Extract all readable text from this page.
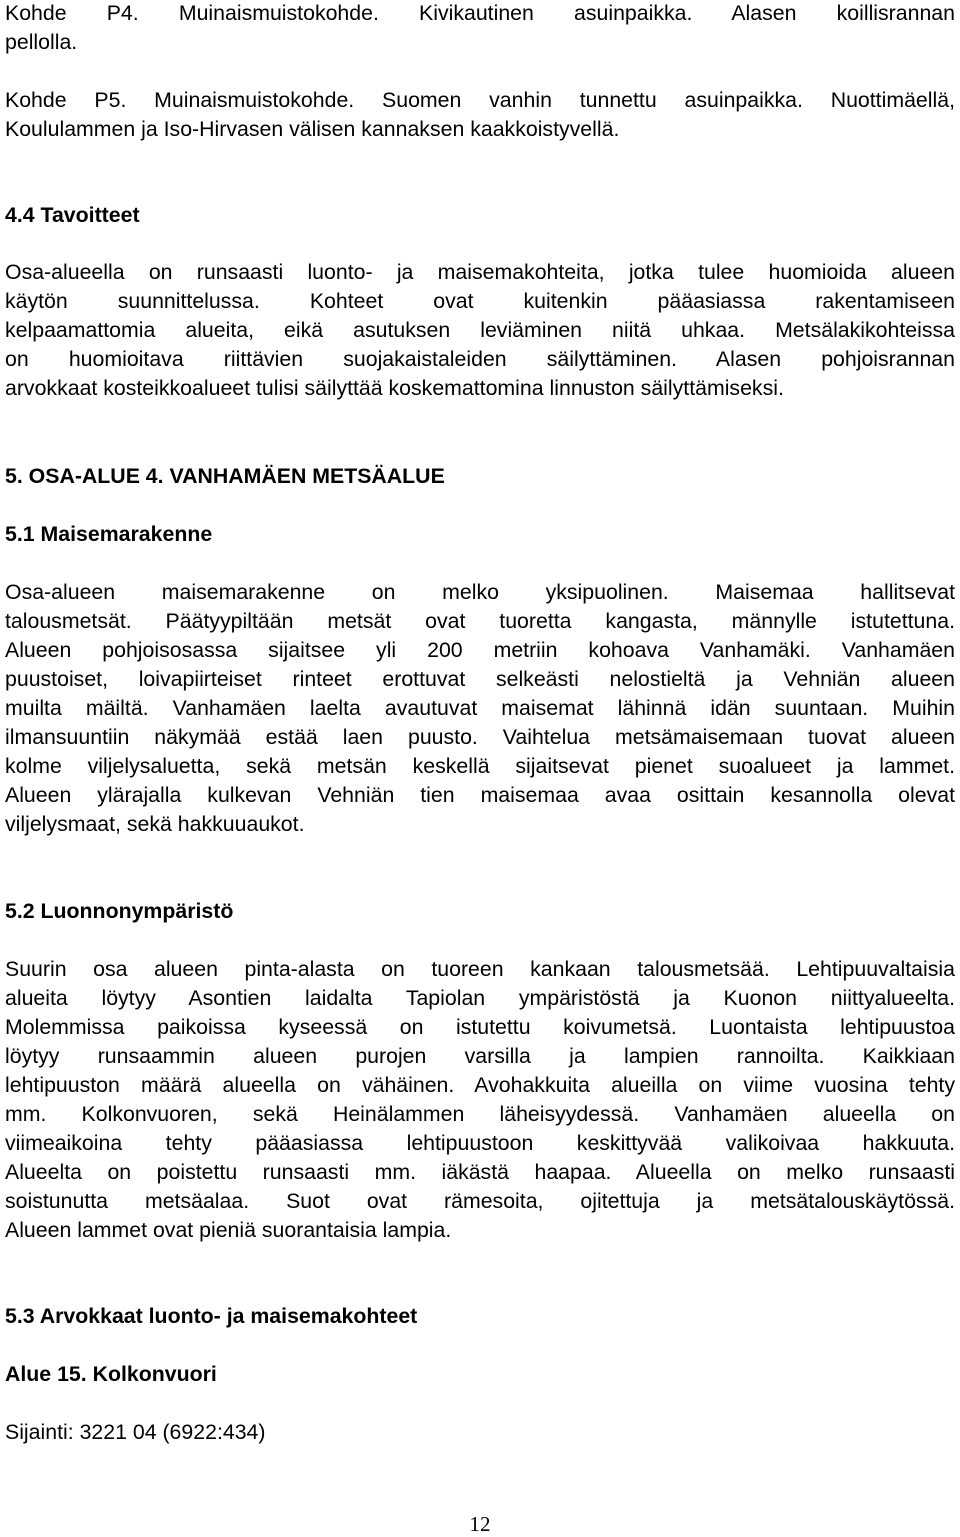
Kohde P4. Muinaismuistokohde. Kivikautinen asuinpaikka. Alasen koillisrannan
pellolla.
Kohde P5. Muinaismuistokohde. Suomen vanhin tunnettu asuinpaikka. Nuottimäellä,
Koululammen ja Iso-Hirvasen välisen kannaksen kaakkoistyvellä.
4.4 Tavoitteet
Osa-alueella on runsaasti luonto- ja maisemakohteita, jotka tulee huomioida alueen
käytön suunnittelussa. Kohteet ovat kuitenkin pääasiassa rakentamiseen
kelpaamattomia alueita, eikä asutuksen leviäminen niitä uhkaa. Metsälakikohteissa
on huomioitava riittävien suojakaistaleiden säilyttäminen. Alasen pohjoisrannan
arvokkaat kosteikkoalueet tulisi säilyttää koskemattomina linnuston säilyttämiseksi.
5. OSA-ALUE 4. VANHAMÄEN METSÄALUE
5.1 Maisemarakenne
Osa-alueen maisemarakenne on melko yksipuolinen. Maisemaa hallitsevat
talousmetsät. Päätyypiltään metsät ovat tuoretta kangasta, männylle istutettuna.
Alueen pohjoisosassa sijaitsee yli 200 metriin kohoava Vanhamäki. Vanhamäen
puustoiset, loivapiirteiset rinteet erottuvat selkeästi nelostieltä ja Vehniän alueen
muilta mäiltä. Vanhamäen laelta avautuvat maisemat lähinnä idän suuntaan. Muihin
ilmansuuntiin näkymää estää laen puusto. Vaihtelua metsämaisemaan tuovat alueen
kolme viljelysaluetta, sekä metsän keskellä sijaitsevat pienet suoalueet ja lammet.
Alueen ylärajalla kulkevan Vehniän tien maisemaa avaa osittain kesannolla olevat
viljelysmaat, sekä hakkuuaukot.
5.2 Luonnonympäristö
Suurin osa alueen pinta-alasta on tuoreen kankaan talousmetsää. Lehtipuuvaltaisia
alueita löytyy Asontien laidalta Tapiolan ympäristöstä ja Kuonon niittyalueelta.
Molemmissa paikoissa kyseessä on istutettu koivumetsä. Luontaista lehtipuustoa
löytyy runsaammin alueen purojen varsilla ja lampien rannoilta. Kaikkiaan
lehtipuuston määrä alueella on vähäinen. Avohakkuita alueilla on viime vuosina tehty
mm. Kolkonvuoren, sekä Heinälammen läheisyydessä. Vanhamäen alueella on
viimeaikoina tehty pääasiassa lehtipuustoon keskittyvää valikoivaa hakkuuta.
Alueelta on poistettu runsaasti mm. iäkästä haapaa. Alueella on melko runsaasti
soistunutta metsäalaa. Suot ovat rämesoita, ojitettuja ja metsätalouskäytössä.
Alueen lammet ovat pieniä suorantaisia lampia.
5.3 Arvokkaat luonto- ja maisemakohteet
Alue 15. Kolkonvuori
Sijainti: 3221 04 (6922:434)
12
